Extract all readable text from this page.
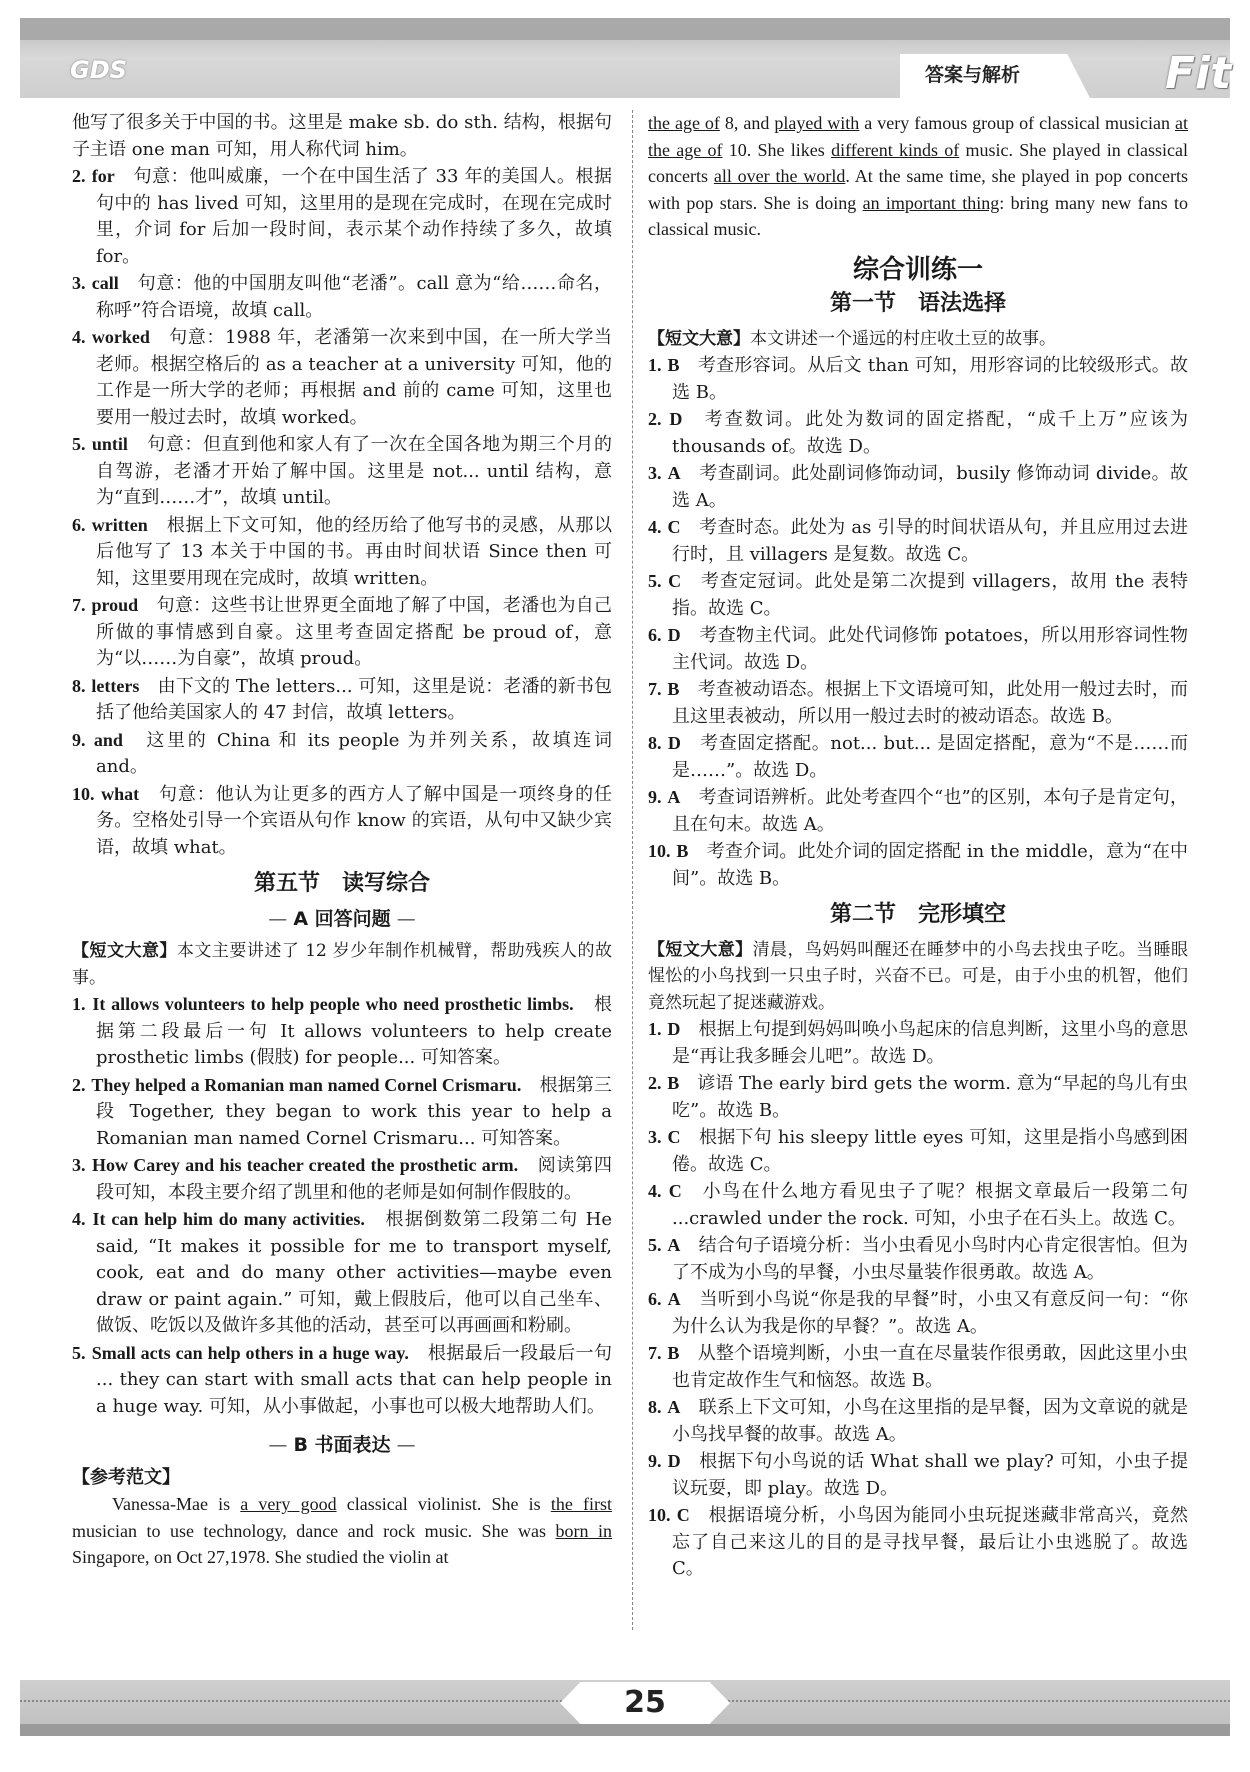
GDS	答案与解析	Fit

他写了很多关于中国的书。这里是 make sb. do sth. 结构，根据句子主语 one man 可知，用人称代词 him。

2. for　 句意：他叫威廉，一个在中国生活了 33 年的美国人。根据句中的 has lived 可知，这里用的是现在完成时，在现在完成时里，介词 for 后加一段时间，表示某个动作持续了多久，故填 for。

3. call　 句意：他的中国朋友叫他“老潘”。call 意为“给……命名，称呼”符合语境，故填 call。

4. worked　 句意：1988 年，老潘第一次来到中国，在一所大学当老师。根据空格后的 as a teacher at a university 可知，他的工作是一所大学的老师；再根据 and 前的 came 可知，这里也要用一般过去时，故填 worked。

5. until　 句意：但直到他和家人有了一次在全国各地为期三个月的自驾游，老潘才开始了解中国。这里是 not... until 结构，意为“直到……才”，故填 until。

6. written　 根据上下文可知，他的经历给了他写书的灵感，从那以后他写了 13 本关于中国的书。再由时间状语 Since then 可知，这里要用现在完成时，故填 written。

7. proud　 句意：这些书让世界更全面地了解了中国，老潘也为自己所做的事情感到自豪。这里考查固定搭配 be proud of，意为“以……为自豪”，故填 proud。

8. letters　 由下文的 The letters... 可知，这里是说：老潘的新书包括了他给美国家人的 47 封信，故填 letters。

9. and　 这里的 China 和 its people 为并列关系，故填连词 and。

10. what　 句意：他认为让更多的西方人了解中国是一项终身的任务。空格处引导一个宾语从句作 know 的宾语，从句中又缺少宾语，故填 what。

第五节　读写综合
— A 回答问题 —

【短文大意】本文主要讲述了 12 岁少年制作机械臂，帮助残疾人的故事。

1. It allows volunteers to help people who need prosthetic limbs.　 根据第二段最后一句 It allows volunteers to help create prosthetic limbs (假肢) for people... 可知答案。

2. They helped a Romanian man named Cornel Crismaru.　 根据第三段 Together, they began to work this year to help a Romanian man named Cornel Crismaru... 可知答案。

3. How Carey and his teacher created the prosthetic arm.　 阅读第四段可知，本段主要介绍了凯里和他的老师是如何制作假肢的。

4. It can help him do many activities.　 根据倒数第二段第二句 He said, “It makes it possible for me to transport myself, cook, eat and do many other activities—maybe even draw or paint again.” 可知，戴上假肢后，他可以自己坐车、做饭、吃饭以及做许多其他的活动，甚至可以再画画和粉刷。

5. Small acts can help others in a huge way.　 根据最后一段最后一句 ... they can start with small acts that can help people in a huge way. 可知，从小事做起，小事也可以极大地帮助人们。

— B 书面表达 —

【参考范文】

Vanessa-Mae is a very good classical violinist. She is the first musician to use technology, dance and rock music. She was born in Singapore, on Oct 27,1978. She studied the violin at

the age of 8, and played with a very famous group of classical musician at the age of 10. She likes different kinds of music. She played in classical concerts all over the world. At the same time, she played in pop concerts with pop stars. She is doing an important thing: bring many new fans to classical music.

综合训练一
第一节　语法选择

【短文大意】本文讲述一个遥远的村庄收土豆的故事。

1. B　 考查形容词。从后文 than 可知，用形容词的比较级形式。故选 B。

2. D　 考查数词。此处为数词的固定搭配，“成千上万”应该为 thousands of。故选 D。

3. A　 考查副词。此处副词修饰动词，busily 修饰动词 divide。故选 A。

4. C　 考查时态。此处为 as 引导的时间状语从句，并且应用过去进行时，且 villagers 是复数。故选 C。

5. C　 考查定冠词。此处是第二次提到 villagers，故用 the 表特指。故选 C。

6. D　 考查物主代词。此处代词修饰 potatoes，所以用形容词性物主代词。故选 D。

7. B　 考查被动语态。根据上下文语境可知，此处用一般过去时，而且这里表被动，所以用一般过去时的被动语态。故选 B。

8. D　 考查固定搭配。not... but... 是固定搭配，意为“不是……而是……”。故选 D。

9. A　 考查词语辨析。此处考查四个“也”的区别，本句子是肯定句，且在句末。故选 A。

10. B　 考查介词。此处介词的固定搭配 in the middle，意为“在中间”。故选 B。

第二节　完形填空

【短文大意】清晨，鸟妈妈叫醒还在睡梦中的小鸟去找虫子吃。当睡眼惺忪的小鸟找到一只虫子时，兴奋不已。可是，由于小虫的机智，他们竟然玩起了捉迷藏游戏。

1. D　 根据上句提到妈妈叫唤小鸟起床的信息判断，这里小鸟的意思是“再让我多睡会儿吧”。故选 D。

2. B　 谚语 The early bird gets the worm. 意为“早起的鸟儿有虫吃”。故选 B。

3. C　 根据下句 his sleepy little eyes 可知，这里是指小鸟感到困倦。故选 C。

4. C　 小鸟在什么地方看见虫子了呢？根据文章最后一段第二句 ...crawled under the rock. 可知，小虫子在石头上。故选 C。

5. A　 结合句子语境分析：当小虫看见小鸟时内心肯定很害怕。但为了不成为小鸟的早餐，小虫尽量装作很勇敢。故选 A。

6. A　 当听到小鸟说“你是我的早餐”时，小虫又有意反问一句：“你为什么认为我是你的早餐？”。故选 A。

7. B　 从整个语境判断，小虫一直在尽量装作很勇敢，因此这里小虫也肯定故作生气和恼怒。故选 B。

8. A　 联系上下文可知，小鸟在这里指的是早餐，因为文章说的就是小鸟找早餐的故事。故选 A。

9. D　 根据下句小鸟说的话 What shall we play? 可知，小虫子提议玩耍，即 play。故选 D。

10. C　 根据语境分析，小鸟因为能同小虫玩捉迷藏非常高兴，竟然忘了自己来这儿的目的是寻找早餐，最后让小虫逃脱了。故选 C。

25
